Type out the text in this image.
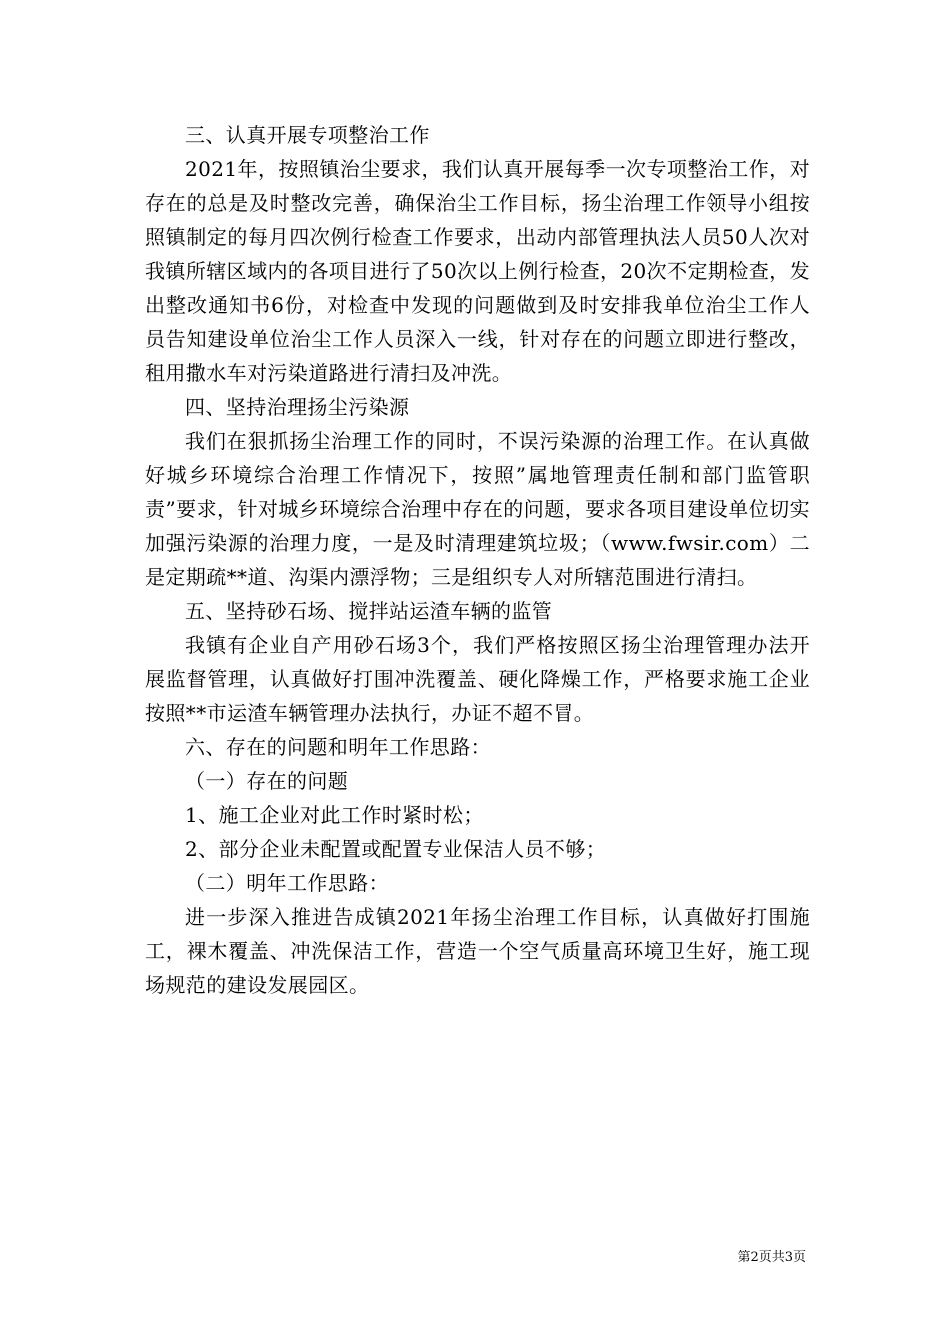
三、认真开展专项整治工作

2021年，按照镇治尘要求，我们认真开展每季一次专项整治工作，对存在的总是及时整改完善，确保治尘工作目标，扬尘治理工作领导小组按照镇制定的每月四次例行检查工作要求，出动内部管理执法人员50人次对我镇所辖区域内的各项目进行了50次以上例行检查，20次不定期检查，发出整改通知书6份，对检查中发现的问题做到及时安排我单位治尘工作人员告知建设单位治尘工作人员深入一线，针对存在的问题立即进行整改，租用撒水车对污染道路进行清扫及冲洗。

四、坚持治理扬尘污染源

我们在狠抓扬尘治理工作的同时，不误污染源的治理工作。在认真做好城乡环境综合治理工作情况下，按照”属地管理责任制和部门监管职责”要求，针对城乡环境综合治理中存在的问题，要求各项目建设单位切实加强污染源的治理力度，一是及时清理建筑垃圾；（www.fwsir.com）二是定期疏**道、沟渠内漂浮物；三是组织专人对所辖范围进行清扫。

五、坚持砂石场、搅拌站运渣车辆的监管

我镇有企业自产用砂石场3个，我们严格按照区扬尘治理管理办法开展监督管理，认真做好打围冲洗覆盖、硬化降燥工作，严格要求施工企业按照**市运渣车辆管理办法执行，办证不超不冒。

六、存在的问题和明年工作思路：

（一）存在的问题

1、施工企业对此工作时紧时松；

2、部分企业未配置或配置专业保洁人员不够；

（二）明年工作思路：

进一步深入推进告成镇2021年扬尘治理工作目标，认真做好打围施工，裸木覆盖、冲洗保洁工作，营造一个空气质量高环境卫生好，施工现场规范的建设发展园区。

第2页共3页
